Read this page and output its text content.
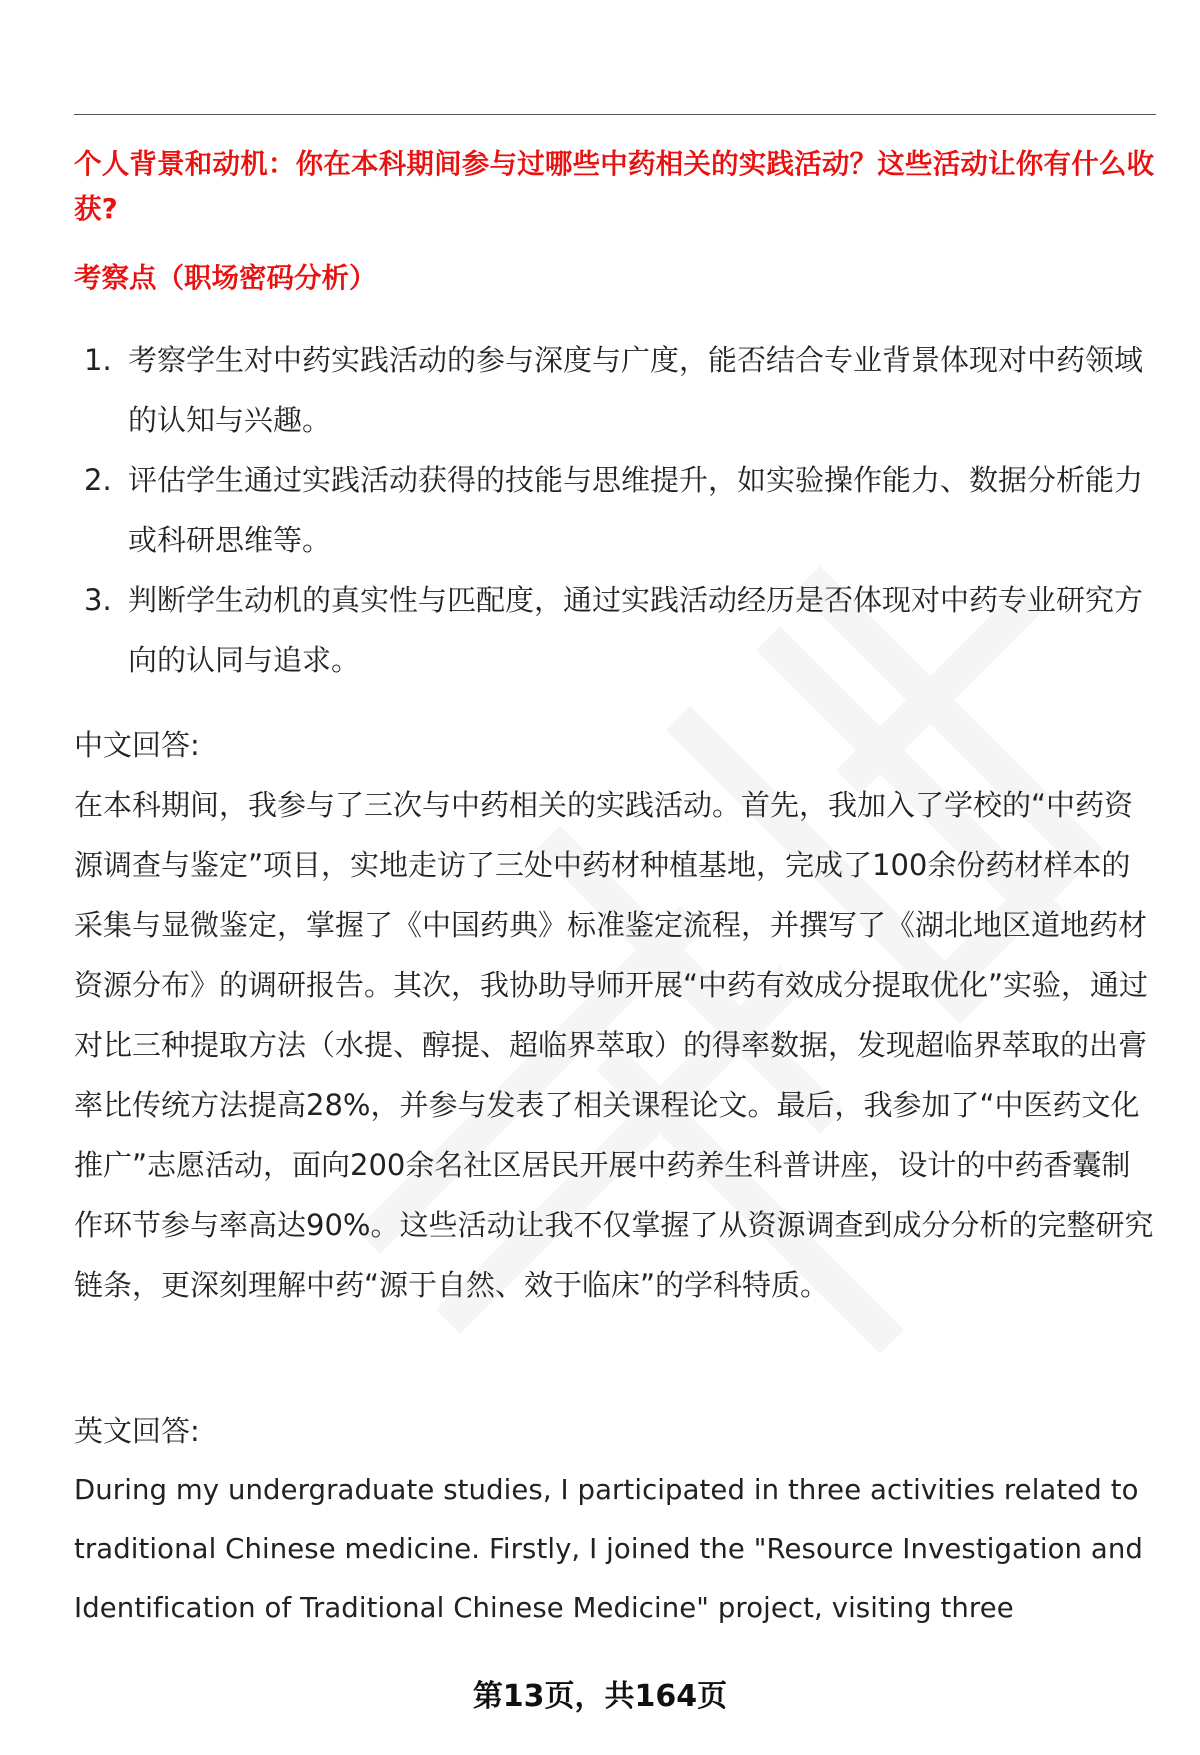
个人背景和动机：你在本科期间参与过哪些中药相关的实践活动？这些活动让你有什么收获?

考察点（职场密码分析）

1. 考察学生对中药实践活动的参与深度与广度，能否结合专业背景体现对中药领域的认知与兴趣。
2. 评估学生通过实践活动获得的技能与思维提升，如实验操作能力、数据分析能力或科研思维等。
3. 判断学生动机的真实性与匹配度，通过实践活动经历是否体现对中药专业研究方向的认同与追求。

中文回答:

在本科期间，我参与了三次与中药相关的实践活动。首先，我加入了学校的“中药资源调查与鉴定”项目，实地走访了三处中药材种植基地，完成了100余份药材样本的采集与显微鉴定，掌握了《中国药典》标准鉴定流程，并撰写了《湖北地区道地药材资源分布》的调研报告。其次，我协助导师开展“中药有效成分提取优化”实验，通过对比三种提取方法（水提、醇提、超临界萃取）的得率数据，发现超临界萃取的出膏率比传统方法提高28%，并参与发表了相关课程论文。最后，我参加了“中医药文化推广”志愿活动，面向200余名社区居民开展中药养生科普讲座，设计的中药香囊制作环节参与率高达90%。这些活动让我不仅掌握了从资源调查到成分分析的完整研究链条，更深刻理解中药“源于自然、效于临床”的学科特质。

英文回答:

During my undergraduate studies, I participated in three activities related to traditional Chinese medicine. Firstly, I joined the "Resource Investigation and Identification of Traditional Chinese Medicine" project, visiting three

第13页，共164页
